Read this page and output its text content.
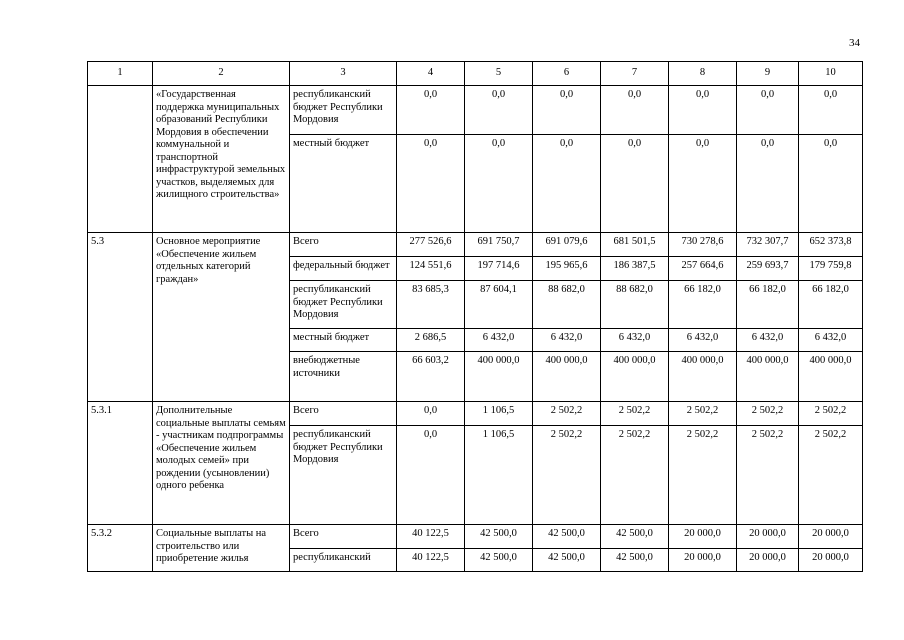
34
1	2	3	4	5	6	7	8	9	10
	«Государственная поддержка муниципальных образований Республики Мордовия в обеспечении коммунальной и транспортной инфраструктурой земельных участков, выделяемых для жилищного строительства»	республиканский бюджет Республики Мордовия	0,0	0,0	0,0	0,0	0,0	0,0	0,0
		местный бюджет	0,0	0,0	0,0	0,0	0,0	0,0	0,0
5.3	Основное мероприятие «Обеспечение жильем отдельных категорий граждан»	Всего	277 526,6	691 750,7	691 079,6	681 501,5	730 278,6	732 307,7	652 373,8
		федеральный бюджет	124 551,6	197 714,6	195 965,6	186 387,5	257 664,6	259 693,7	179 759,8
		республиканский бюджет Республики Мордовия	83 685,3	87 604,1	88 682,0	88 682,0	66 182,0	66 182,0	66 182,0
		местный бюджет	2 686,5	6 432,0	6 432,0	6 432,0	6 432,0	6 432,0	6 432,0
		внебюджетные источники	66 603,2	400 000,0	400 000,0	400 000,0	400 000,0	400 000,0	400 000,0
5.3.1	Дополнительные социальные выплаты семьям - участникам подпрограммы «Обеспечение жильем молодых семей» при рождении (усыновлении) одного ребенка	Всего	0,0	1 106,5	2 502,2	2 502,2	2 502,2	2 502,2	2 502,2
		республиканский бюджет Республики Мордовия	0,0	1 106,5	2 502,2	2 502,2	2 502,2	2 502,2	2 502,2
5.3.2	Социальные выплаты на строительство или приобретение жилья	Всего	40 122,5	42 500,0	42 500,0	42 500,0	20 000,0	20 000,0	20 000,0
		республиканский	40 122,5	42 500,0	42 500,0	42 500,0	20 000,0	20 000,0	20 000,0
